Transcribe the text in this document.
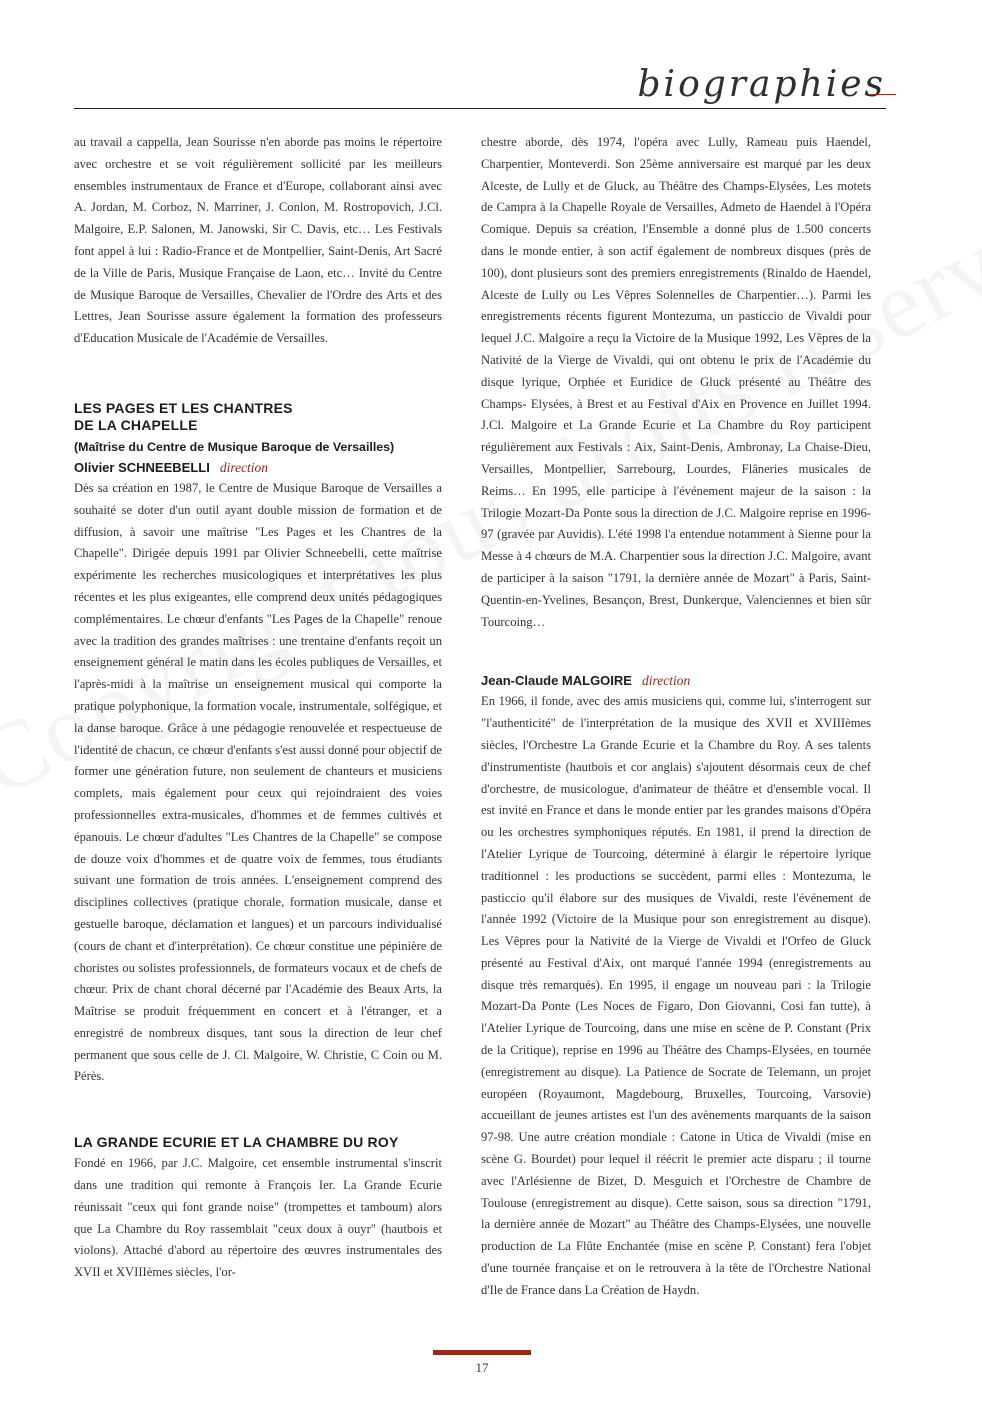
biographies

au travail a cappella, Jean Sourisse n'en aborde pas moins le répertoire avec orchestre et se voit régulièrement sollicité par les meilleurs ensembles instrumentaux de France et d'Europe, collaborant ainsi avec A. Jordan, M. Corboz, N. Marriner, J. Conlon, M. Rostropovich, J.Cl. Malgoire, E.P. Salonen, M. Janowski, Sir C. Davis, etc… Les Festivals font appel à lui : Radio-France et de Montpellier, Saint-Denis, Art Sacré de la Ville de Paris, Musique Française de Laon, etc… Invité du Centre de Musique Baroque de Versailles, Chevalier de l'Ordre des Arts et des Lettres, Jean Sourisse assure également la formation des professeurs d'Education Musicale de l'Académie de Versailles.

LES PAGES ET LES CHANTRES
DE LA CHAPELLE
(Maîtrise du Centre de Musique Baroque de Versailles)
Olivier SCHNEEBELLI direction

Dès sa création en 1987, le Centre de Musique Baroque de Versailles a souhaité se doter d'un outil ayant double mission de formation et de diffusion, à savoir une maîtrise "Les Pages et les Chantres de la Chapelle". Dirigée depuis 1991 par Olivier Schneebelli, cette maîtrise expérimente les recherches musicologiques et interprétatives les plus récentes et les plus exigeantes, elle comprend deux unités pédagogiques complémentaires. Le chœur d'enfants "Les Pages de la Chapelle" renoue avec la tradition des grandes maîtrises : une trentaine d'enfants reçoit un enseignement général le matin dans les écoles publiques de Versailles, et l'après-midi à la maîtrise un enseignement musical qui comporte la pratique polyphonique, la formation vocale, instrumentale, solfégique, et la danse baroque. Grâce à une pédagogie renouvelée et respectueuse de l'identité de chacun, ce chœur d'enfants s'est aussi donné pour objectif de former une génération future, non seulement de chanteurs et musiciens complets, mais également pour ceux qui rejoindraient des voies professionnelles extra-musicales, d'hommes et de femmes cultivés et épanouis. Le chœur d'adultes "Les Chantres de la Chapelle" se compose de douze voix d'hommes et de quatre voix de femmes, tous étudiants suivant une formation de trois années. L'enseignement comprend des disciplines collectives (pratique chorale, formation musicale, danse et gestuelle baroque, déclamation et langues) et un parcours individualisé (cours de chant et d'interprétation). Ce chœur constitue une pépinière de choristes ou solistes professionnels, de formateurs vocaux et de chefs de chœur. Prix de chant choral décerné par l'Académie des Beaux Arts, la Maîtrise se produit fréquemment en concert et à l'étranger, et a enregistré de nombreux disques, tant sous la direction de leur chef permanent que sous celle de J. Cl. Malgoire, W. Christie, C Coin ou M. Pérès.

LA GRANDE ECURIE ET LA CHAMBRE DU ROY

Fondé en 1966, par J.C. Malgoire, cet ensemble instrumental s'inscrit dans une tradition qui remonte à François Ier. La Grande Ecurie réunissait "ceux qui font grande noise" (trompettes et tamboum) alors que La Chambre du Roy rassemblait "ceux doux à ouyr" (hautbois et violons). Attaché d'abord au répertoire des œuvres instrumentales des XVII et XVIIIèmes siècles, l'or-

chestre aborde, dès 1974, l'opéra avec Lully, Rameau puis Haendel, Charpentier, Monteverdi. Son 25ème anniversaire est marqué par les deux Alceste, de Lully et de Gluck, au Théâtre des Champs-Elysées, Les motets de Campra à la Chapelle Royale de Versailles, Admeto de Haendel à l'Opéra Comique. Depuis sa création, l'Ensemble a donné plus de 1.500 concerts dans le monde entier, à son actif également de nombreux disques (près de 100), dont plusieurs sont des premiers enregistrements (Rinaldo de Haendel, Alceste de Lully ou Les Vêpres Solennelles de Charpentier…). Parmi les enregistrements récents figurent Montezuma, un pasticcio de Vivaldi pour lequel J.C. Malgoire a reçu la Victoire de la Musique 1992, Les Vêpres de la Nativité de la Vierge de Vivaldi, qui ont obtenu le prix de l'Académie du disque lyrique, Orphée et Euridice de Gluck présenté au Théâtre des Champs- Elysées, à Brest et au Festival d'Aix en Provence en Juillet 1994. J.Cl. Malgoire et La Grande Ecurie et La Chambre du Roy participent régulièrement aux Festivals : Aix, Saint-Denis, Ambronay, La Chaise-Dieu, Versailles, Montpellier, Sarrebourg, Lourdes, Flâneries musicales de Reims… En 1995, elle participe à l'événement majeur de la saison : la Trilogie Mozart-Da Ponte sous la direction de J.C. Malgoire reprise en 1996-97 (gravée par Auvidis). L'été 1998 l'a entendue notamment à Sienne pour la Messe à 4 chœurs de M.A. Charpentier sous la direction J.C. Malgoire, avant de participer à la saison "1791, la dernière année de Mozart" à Paris, Saint-Quentin-en-Yvelines, Besançon, Brest, Dunkerque, Valenciennes et bien sûr Tourcoing…

Jean-Claude MALGOIRE direction

En 1966, il fonde, avec des amis musiciens qui, comme lui, s'interrogent sur "l'authenticité" de l'interprétation de la musique des XVII et XVIIIèmes siècles, l'Orchestre La Grande Ecurie et la Chambre du Roy. A ses talents d'instrumentiste (hautbois et cor anglais) s'ajoutent désormais ceux de chef d'orchestre, de musicologue, d'animateur de théâtre et d'ensemble vocal. Il est invité en France et dans le monde entier par les grandes maisons d'Opéra ou les orchestres symphoniques réputés. En 1981, il prend la direction de l'Atelier Lyrique de Tourcoing, déterminé à élargir le répertoire lyrique traditionnel : les productions se succèdent, parmi elles : Montezuma, le pasticcio qu'il élabore sur des musiques de Vivaldi, reste l'événement de l'année 1992 (Victoire de la Musique pour son enregistrement au disque). Les Vêpres pour la Nativité de la Vierge de Vivaldi et l'Orfeo de Gluck présenté au Festival d'Aix, ont marqué l'année 1994 (enregistrements au disque très remarqués). En 1995, il engage un nouveau pari : la Trilogie Mozart-Da Ponte (Les Noces de Figaro, Don Giovanni, Cosi fan tutte), à l'Atelier Lyrique de Tourcoing, dans une mise en scène de P. Constant (Prix de la Critique), reprise en 1996 au Théâtre des Champs-Elysées, en tournée (enregistrement au disque). La Patience de Socrate de Telemann, un projet européen (Royaumont, Magdebourg, Bruxelles, Tourcoing, Varsovie) accueillant de jeunes artistes est l'un des avènements marquants de la saison 97-98. Une autre création mondiale : Catone in Utica de Vivaldi (mise en scène G. Bourdet) pour lequel il réécrit le premier acte disparu ; il tourne avec l'Arlésienne de Bizet, D. Mesguich et l'Orchestre de Chambre de Toulouse (enregistrement au disque). Cette saison, sous sa direction "1791, la dernière année de Mozart" au Théâtre des Champs-Elysées, une nouvelle production de La Flûte Enchantée (mise en scène P. Constant) fera l'objet d'une tournée française et on le retrouvera à la tête de l'Orchestre National d'Ile de France dans La Création de Haydn.

17
